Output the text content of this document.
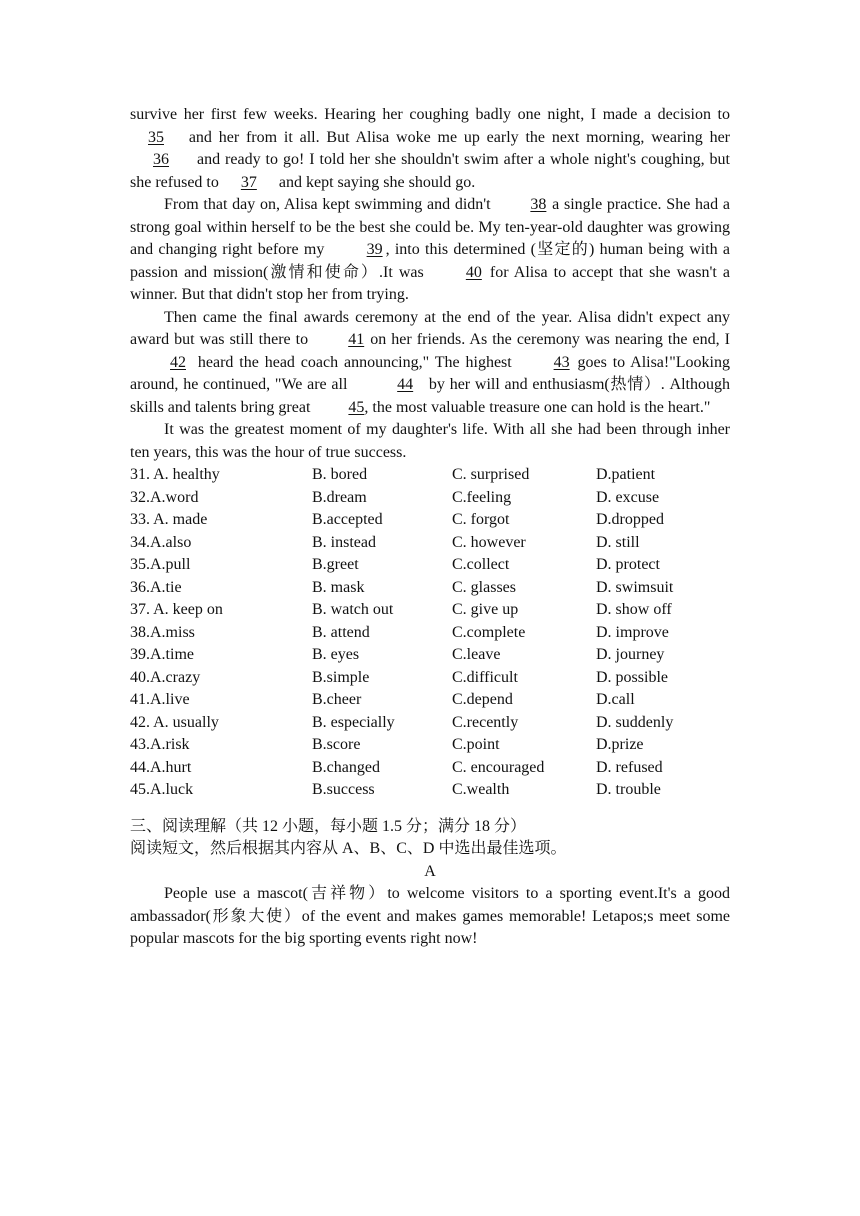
survive her first few weeks. Hearing her coughing badly one night, I made a decision to 35 and her from it all. But Alisa woke me up early the next morning, wearing her 36 and ready to go! I told her she shouldn't swim after a whole night's coughing, but she refused to 37 and kept saying she should go.

From that day on, Alisa kept swimming and didn't 38 a single practice. She had a strong goal within herself to be the best she could be. My ten-year-old daughter was growing and changing right before my 39 , into this determined (坚定的) human being with a passion and mission(激情和使命）.It was 40 for Alisa to accept that she wasn't a winner. But that didn't stop her from trying.

Then came the final awards ceremony at the end of the year. Alisa didn't expect any award but was still there to 41 on her friends. As the ceremony was nearing the end, I 42 heard the head coach announcing," The highest 43 goes to Alisa!"Looking around, he continued, "We are all	44 by her will and enthusiasm(热情）. Although skills and talents bring great 45, the most valuable treasure one can hold is the heart."

It was the greatest moment of my daughter's life. With all she had been through inher ten years, this was the hour of true success.

31. A. healthy	B. bored	C. surprised	D.patient
32.A.word	B.dream	C.feeling	D. excuse
33. A. made	B.accepted	C. forgot	D.dropped
34.A.also	B. instead	C. however	D. still
35.A.pull	B.greet	C.collect	D. protect
36.A.tie	B. mask	C. glasses	D. swimsuit
37. A. keep on	B. watch out	C. give up	D. show off
38.A.miss	B. attend	C.complete	D. improve
39.A.time	B. eyes	C.leave	D. journey
40.A.crazy	B.simple	C.difficult	D. possible
41.A.live	B.cheer	C.depend	D.call
42. A. usually	B. especially	C.recently	D. suddenly
43.A.risk	B.score	C.point	D.prize
44.A.hurt	B.changed	C. encouraged	D. refused
45.A.luck	B.success	C.wealth	D. trouble

三、阅读理解（共 12 小题，每小题 1.5 分；满分 18 分）

阅读短文，然后根据其内容从 A、B、C、D 中选出最佳选项。

A

People use a mascot(吉祥物）to welcome visitors to a sporting event.It's a good ambassador(形象大使）of the event and makes games memorable! Letapos;s meet some popular mascots for the big sporting events right now!
